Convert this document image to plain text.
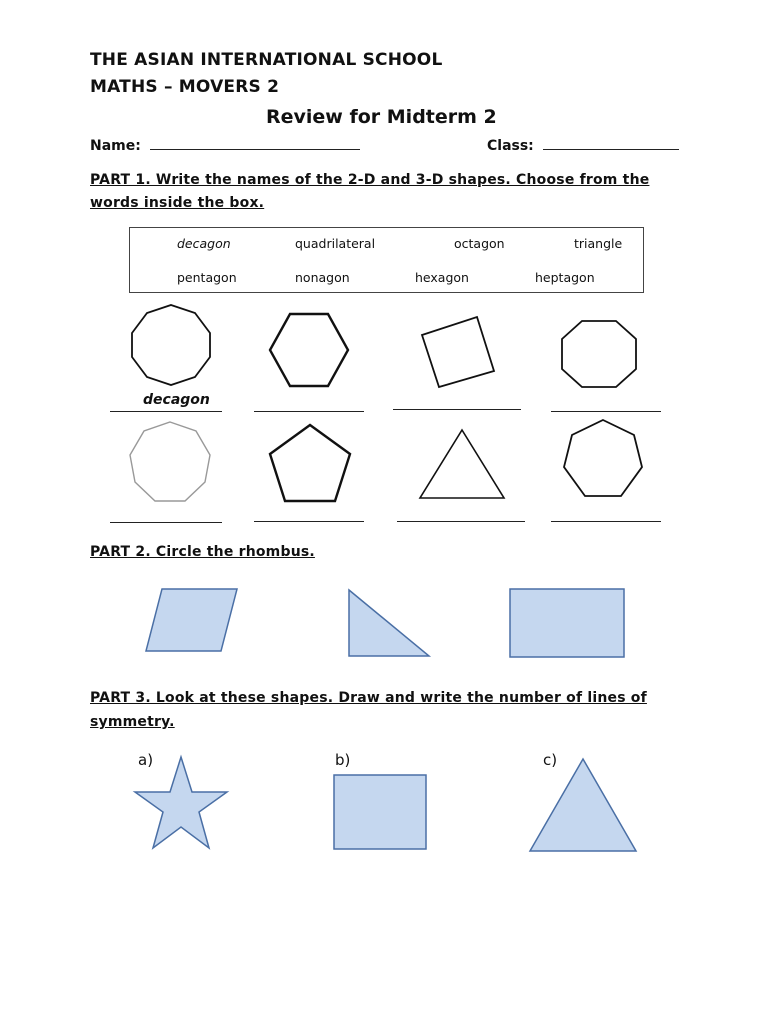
THE ASIAN INTERNATIONAL SCHOOL
MATHS – MOVERS 2
Review for Midterm 2
Name:	Class:
PART 1. Write the names of the 2-D and 3-D shapes. Choose from the
words inside the box.
decagon	quadrilateral	octagon	triangle
pentagon	nonagon	hexagon	heptagon
decagon
PART 2. Circle the rhombus.
PART 3. Look at these shapes. Draw and write the number of lines of
symmetry.
a)	b)	c)
